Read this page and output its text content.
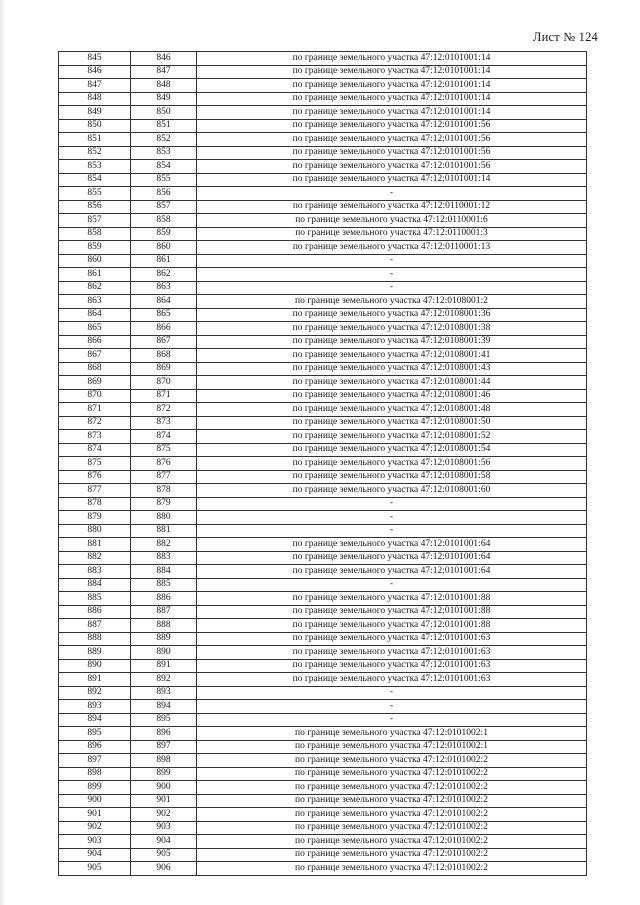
Лист № 124
845	846	по границе земельного участка 47:12:0101001:14
846	847	по границе земельного участка 47:12:0101001:14
847	848	по границе земельного участка 47:12:0101001:14
848	849	по границе земельного участка 47:12:0101001:14
849	850	по границе земельного участка 47:12:0101001:14
850	851	по границе земельного участка 47:12:0101001:56
851	852	по границе земельного участка 47:12:0101001:56
852	853	по границе земельного участка 47:12:0101001:56
853	854	по границе земельного участка 47:12:0101001:56
854	855	по границе земельного участка 47:12:0101001:14
855	856	-
856	857	по границе земельного участка 47:12:0110001:12
857	858	по границе земельного участка 47:12:0110001:6
858	859	по границе земельного участка 47:12:0110001:3
859	860	по границе земельного участка 47:12:0110001:13
860	861	-
861	862	-
862	863	-
863	864	по границе земельного участка 47:12:0108001:2
864	865	по границе земельного участка 47:12:0108001:36
865	866	по границе земельного участка 47:12:0108001:38
866	867	по границе земельного участка 47:12:0108001:39
867	868	по границе земельного участка 47:12:0108001:41
868	869	по границе земельного участка 47:12:0108001:43
869	870	по границе земельного участка 47:12:0108001:44
870	871	по границе земельного участка 47:12:0108001:46
871	872	по границе земельного участка 47:12:0108001:48
872	873	по границе земельного участка 47:12:0108001:50
873	874	по границе земельного участка 47:12:0108001:52
874	875	по границе земельного участка 47:12:0108001:54
875	876	по границе земельного участка 47:12:0108001:56
876	877	по границе земельного участка 47:12:0108001:58
877	878	по границе земельного участка 47:12:0108001:60
878	879	-
879	880	-
880	881	-
881	882	по границе земельного участка 47:12:0101001:64
882	883	по границе земельного участка 47:12:0101001:64
883	884	по границе земельного участка 47:12:0101001:64
884	885	-
885	886	по границе земельного участка 47:12:0101001:88
886	887	по границе земельного участка 47:12:0101001:88
887	888	по границе земельного участка 47:12:0101001:88
888	889	по границе земельного участка 47:12:0101001:63
889	890	по границе земельного участка 47:12:0101001:63
890	891	по границе земельного участка 47:12:0101001:63
891	892	по границе земельного участка 47:12:0101001:63
892	893	-
893	894	-
894	895	-
895	896	по границе земельного участка 47:12:0101002:1
896	897	по границе земельного участка 47:12:0101002:1
897	898	по границе земельного участка 47:12:0101002:2
898	899	по границе земельного участка 47:12:0101002:2
899	900	по границе земельного участка 47:12:0101002:2
900	901	по границе земельного участка 47:12:0101002:2
901	902	по границе земельного участка 47:12:0101002:2
902	903	по границе земельного участка 47:12:0101002:2
903	904	по границе земельного участка 47:12:0101002:2
904	905	по границе земельного участка 47:12:0101002:2
905	906	по границе земельного участка 47:12:0101002:2
